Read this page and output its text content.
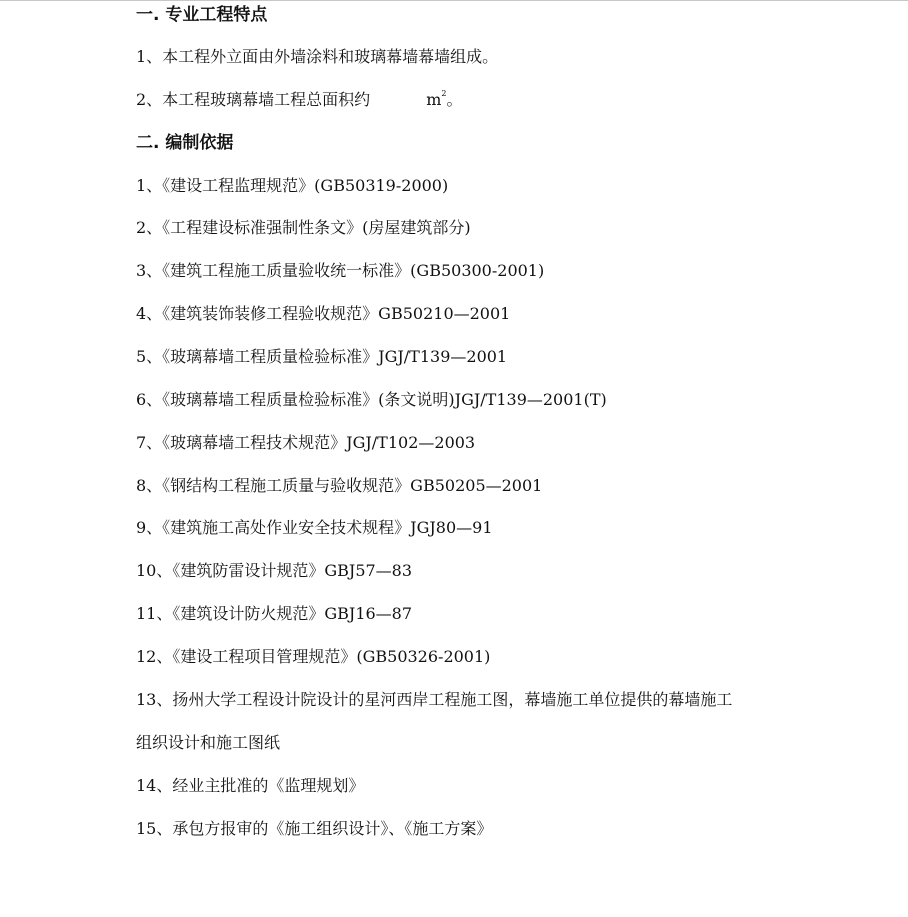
一. 专业工程特点
1、本工程外立面由外墙涂料和玻璃幕墙幕墙组成。
2、本工程玻璃幕墙工程总面积约	$m^2$。
二. 编制依据
1、《建设工程监理规范》(GB50319-2000)
2、《工程建设标准强制性条文》(房屋建筑部分)
3、《建筑工程施工质量验收统一标准》(GB50300-2001)
4、《建筑装饰装修工程验收规范》GB50210—2001
5、《玻璃幕墙工程质量检验标准》JGJ/T139—2001
6、《玻璃幕墙工程质量检验标准》(条文说明)JGJ/T139—2001(T)
7、《玻璃幕墙工程技术规范》JGJ/T102—2003
8、《钢结构工程施工质量与验收规范》GB50205—2001
9、《建筑施工高处作业安全技术规程》JGJ80—91
10、《建筑防雷设计规范》GBJ57—83
11、《建筑设计防火规范》GBJ16—87
12、《建设工程项目管理规范》(GB50326-2001)
13、扬州大学工程设计院设计的星河西岸工程施工图，幕墙施工单位提供的幕墙施工
组织设计和施工图纸
14、经业主批准的《监理规划》
15、承包方报审的《施工组织设计》、《施工方案》
